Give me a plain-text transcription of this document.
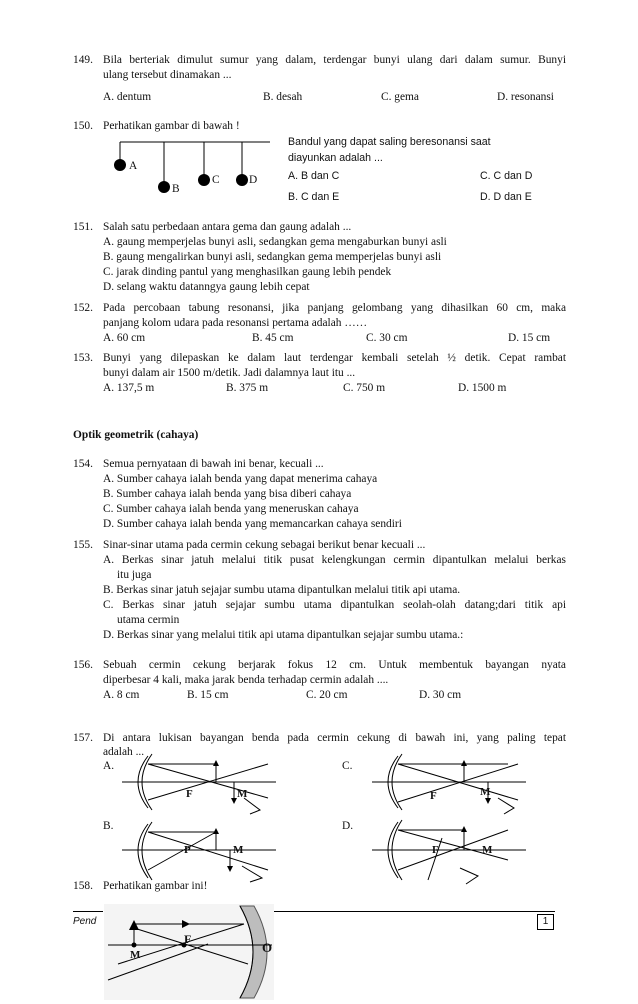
149. Bila berteriak dimulut sumur yang dalam, terdengar bunyi ulang dari dalam sumur. Bunyi
ulang tersebut dinamakan ...
A. dentum	B. desah	C. gema	D. resonansi
150. Perhatikan gambar di bawah !
A
B
C	D
Bandul yang dapat saling beresonansi saat
diayunkan adalah ...
A. B dan C	C. C dan D
B. C dan E	D. D dan E
151. Salah satu perbedaan antara gema dan gaung adalah ...
A. gaung memperjelas bunyi asli, sedangkan gema mengaburkan bunyi asli
B. gaung mengalirkan bunyi asli, sedangkan gema memperjelas bunyi asli
C. jarak dinding pantul yang menghasilkan gaung lebih pendek
D. selang waktu datanngya gaung lebih cepat
152. Pada percobaan tabung resonansi, jika panjang gelombang yang dihasilkan 60 cm, maka
panjang kolom udara pada resonansi pertama adalah ……
A. 60 cm	B. 45 cm	C. 30 cm	D. 15 cm
153. Bunyi yang dilepaskan ke dalam laut terdengar kembali setelah ½ detik. Cepat rambat
bunyi dalam air 1500 m/detik. Jadi dalamnya laut itu ...
A. 137,5 m	B. 375 m	C. 750 m	D. 1500 m
Optik geometrik (cahaya)
154. Semua pernyataan di bawah ini benar, kecuali ...
A. Sumber cahaya ialah benda yang dapat menerima cahaya
B. Sumber cahaya ialah benda yang bisa diberi cahaya
C. Sumber cahaya ialah benda yang meneruskan cahaya
D. Sumber cahaya ialah benda yang memancarkan cahaya sendiri
155. Sinar-sinar utama pada cermin cekung sebagai berikut benar kecuali ...
A. Berkas sinar jatuh melalui titik pusat kelengkungan cermin dipantulkan melalui berkas
itu juga
B. Berkas sinar jatuh sejajar sumbu utama dipantulkan melalui titik api utama.
C. Berkas sinar jatuh sejajar sumbu utama dipantulkan seolah-olah datang;dari titik api
utama cermin
D. Berkas sinar yang melalui titik api utama dipantulkan sejajar sumbu utama.:
156. Sebuah cermin cekung berjarak fokus 12 cm. Untuk membentuk bayangan nyata
diperbesar 4 kali, maka jarak benda terhadap cermin adalah ....
A. 8 cm	B. 15 cm	C. 20 cm	D. 30 cm
157. Di antara lukisan bayangan benda pada cermin cekung di bawah ini, yang paling tepat
adalah ...
A.	C.
B.	D.
F	M	F	M
P	M	F	M
158. Perhatikan gambar ini!
Pend	1
M
F
O
